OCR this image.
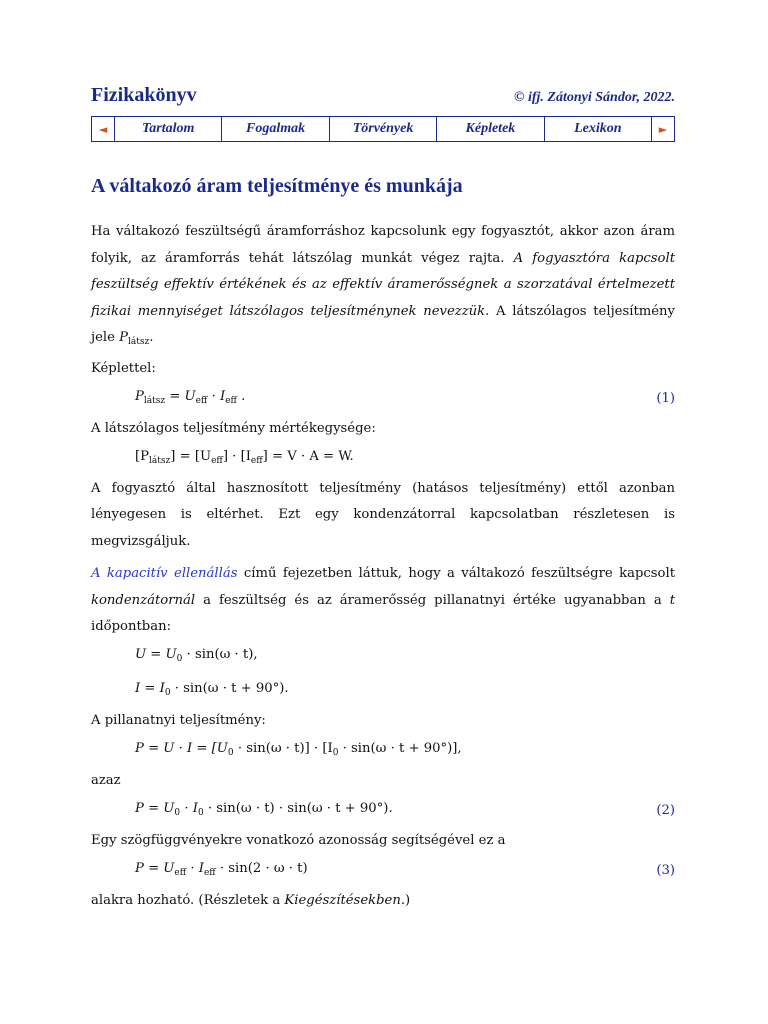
Fizikakönyv	© ifj. Zátonyi Sándor, 2022.
◄	Tartalom	Fogalmak	Törvények	Képletek	Lexikon	►
A váltakozó áram teljesítménye és munkája

Ha váltakozó feszültségű áramforráshoz kapcsolunk egy fogyasztót, akkor azon áram folyik, az áramforrás tehát látszólag munkát végez rajta. A fogyasztóra kapcsolt feszültség effektív értékének és az effektív áramerősségnek a szorzatával értelmezett fizikai mennyiséget látszólagos teljesítménynek nevezzük. A látszólagos teljesítmény jele $P_{látsz}$.

Képlettel:

$P_{látsz} = U_{eff} \cdot I_{eff}$ .	(1)

A látszólagos teljesítmény mértékegysége:

$[P_{látsz}] = [U_{eff}] \cdot [I_{eff}] = V \cdot A = W$.

A fogyasztó által hasznosított teljesítmény (hatásos teljesítmény) ettől azonban lényegesen is eltérhet. Ezt egy kondenzátorral kapcsolatban részletesen is megvizsgáljuk.

A kapacitív ellenállás című fejezetben láttuk, hogy a váltakozó feszültségre kapcsolt kondenzátornál a feszültség és az áramerősség pillanatnyi értéke ugyanabban a t időpontban:

$U = U_0 \cdot \sin(\omega \cdot t)$,
$I = I_0 \cdot \sin(\omega \cdot t + 90^\circ)$.

A pillanatnyi teljesítmény:

$P = U \cdot I = [U_0 \cdot \sin(\omega \cdot t)] \cdot [I_0 \cdot \sin(\omega \cdot t + 90^\circ)]$,

azaz

$P = U_0 \cdot I_0 \cdot \sin(\omega \cdot t) \cdot \sin(\omega \cdot t + 90^\circ)$.	(2)

Egy szögfüggvényekre vonatkozó azonosság segítségével ez a

$P = U_{eff} \cdot I_{eff} \cdot \sin(2 \cdot \omega \cdot t)$	(3)

alakra hozható. (Részletek a Kiegészítésekben.)
